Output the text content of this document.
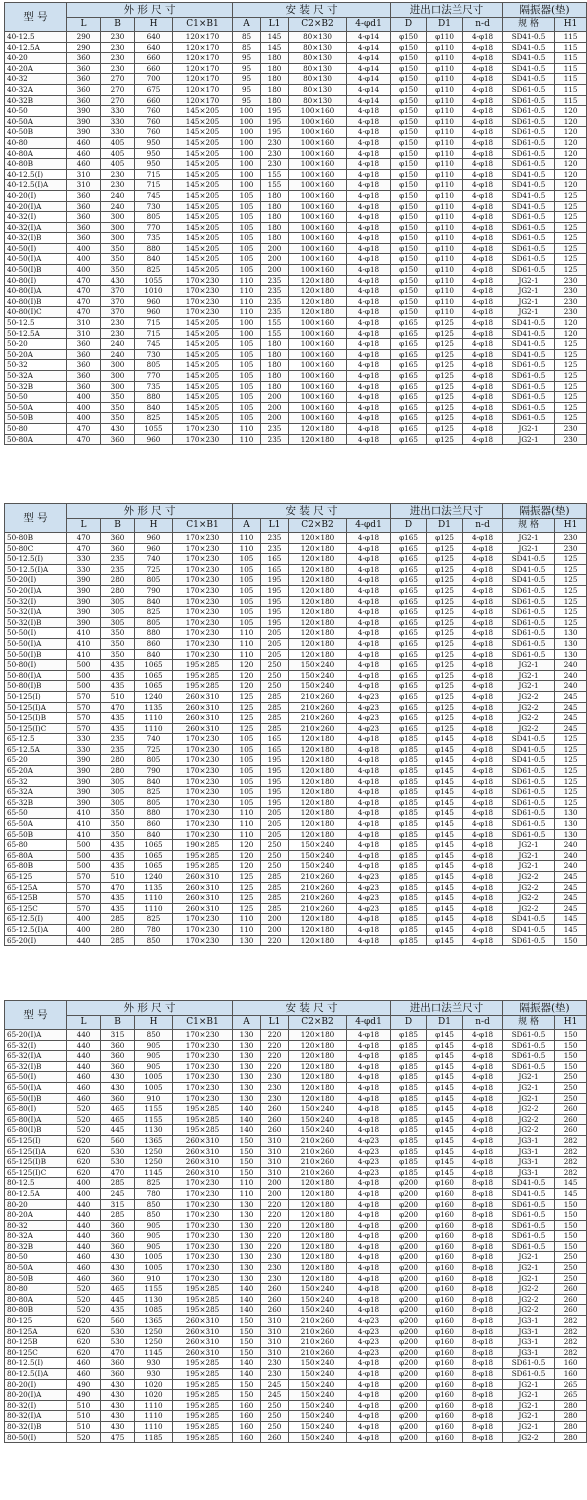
型 号	外 形 尺 寸				安 装 尺 寸				进出口法兰尺寸			隔振器(垫)	
	L	B	H	C1×B1	A	L1	C2×B2	4-φd1	D	D1	n-d	规 格	H1
40-12.5	290	230	640	120×170	85	145	80×130	4-φ14	φ150	φ110	4-φ18	SD41-0.5	115
40-12.5A	290	230	640	120×170	85	145	80×130	4-φ14	φ150	φ110	4-φ18	SD41-0.5	115
40-20	360	230	660	120×170	95	180	80×130	4-φ14	φ150	φ110	4-φ18	SD41-0.5	115
40-20A	360	230	660	120×170	95	180	80×130	4-φ14	φ150	φ110	4-φ18	SD41-0.5	115
40-32	360	270	700	120×170	95	180	80×130	4-φ14	φ150	φ110	4-φ18	SD41-0.5	115
40-32A	360	270	675	120×170	95	180	80×130	4-φ14	φ150	φ110	4-φ18	SD61-0.5	115
40-32B	360	270	660	120×170	95	180	80×130	4-φ14	φ150	φ110	4-φ18	SD61-0.5	115
40-50	390	330	760	145×205	100	195	100×160	4-φ18	φ150	φ110	4-φ18	SD61-0.5	120
40-50A	390	330	760	145×205	100	195	100×160	4-φ18	φ150	φ110	4-φ18	SD61-0.5	120
40-50B	390	330	760	145×205	100	195	100×160	4-φ18	φ150	φ110	4-φ18	SD61-0.5	120
40-80	460	405	950	145×205	100	230	100×160	4-φ18	φ150	φ110	4-φ18	SD61-0.5	120
40-80A	460	405	950	145×205	100	230	100×160	4-φ18	φ150	φ110	4-φ18	SD61-0.5	120
40-80B	460	405	950	145×205	100	230	100×160	4-φ18	φ150	φ110	4-φ18	SD61-0.5	120
40-12.5(I)	310	230	715	145×205	100	155	100×160	4-φ18	φ150	φ110	4-φ18	SD41-0.5	120
40-12.5(I)A	310	230	715	145×205	100	155	100×160	4-φ18	φ150	φ110	4-φ18	SD41-0.5	120
40-20(I)	360	240	745	145×205	105	180	100×160	4-φ18	φ150	φ110	4-φ18	SD41-0.5	125
40-20(I)A	360	240	730	145×205	105	180	100×160	4-φ18	φ150	φ110	4-φ18	SD41-0.5	125
40-32(I)	360	300	805	145×205	105	180	100×160	4-φ18	φ150	φ110	4-φ18	SD61-0.5	125
40-32(I)A	360	300	770	145×205	105	180	100×160	4-φ18	φ150	φ110	4-φ18	SD61-0.5	125
40-32(I)B	360	300	735	145×205	105	180	100×160	4-φ18	φ150	φ110	4-φ18	SD61-0.5	125
40-50(I)	400	350	880	145×205	105	200	100×160	4-φ18	φ150	φ110	4-φ18	SD61-0.5	125
40-50(I)A	400	350	840	145×205	105	200	100×160	4-φ18	φ150	φ110	4-φ18	SD61-0.5	125
40-50(I)B	400	350	825	145×205	105	200	100×160	4-φ18	φ150	φ110	4-φ18	SD61-0.5	125
40-80(I)	470	430	1055	170×230	110	235	120×180	4-φ18	φ150	φ110	4-φ18	JG2-1	230
40-80(I)A	470	370	1010	170×230	110	235	120×180	4-φ18	φ150	φ110	4-φ18	JG2-1	230
40-80(I)B	470	370	960	170×230	110	235	120×180	4-φ18	φ150	φ110	4-φ18	JG2-1	230
40-80(I)C	470	370	960	170×230	110	235	120×180	4-φ18	φ150	φ110	4-φ18	JG2-1	230
50-12.5	310	230	715	145×205	100	155	100×160	4-φ18	φ165	φ125	4-φ18	SD41-0.5	120
50-12.5A	310	230	715	145×205	100	155	100×160	4-φ18	φ165	φ125	4-φ18	SD41-0.5	120
50-20	360	240	745	145×205	105	180	100×160	4-φ18	φ165	φ125	4-φ18	SD41-0.5	125
50-20A	360	240	730	145×205	105	180	100×160	4-φ18	φ165	φ125	4-φ18	SD41-0.5	125
50-32	360	300	805	145×205	105	180	100×160	4-φ18	φ165	φ125	4-φ18	SD61-0.5	125
50-32A	360	300	770	145×205	105	180	100×160	4-φ18	φ165	φ125	4-φ18	SD61-0.5	125
50-32B	360	300	735	145×205	105	180	100×160	4-φ18	φ165	φ125	4-φ18	SD61-0.5	125
50-50	400	350	880	145×205	105	200	100×160	4-φ18	φ165	φ125	4-φ18	SD61-0.5	125
50-50A	400	350	840	145×205	105	200	100×160	4-φ18	φ165	φ125	4-φ18	SD61-0.5	125
50-50B	400	350	825	145×205	105	200	100×160	4-φ18	φ165	φ125	4-φ18	SD61-0.5	125
50-80	470	430	1055	170×230	110	235	120×180	4-φ18	φ165	φ125	4-φ18	JG2-1	230
50-80A	470	360	960	170×230	110	235	120×180	4-φ18	φ165	φ125	4-φ18	JG2-1	230
型 号	外 形 尺 寸				安 装 尺 寸				进出口法兰尺寸			隔振器(垫)	
	L	B	H	C1×B1	A	L1	C2×B2	4-φd1	D	D1	n-d	规 格	H1
50-80B	470	360	960	170×230	110	235	120×180	4-φ18	φ165	φ125	4-φ18	JG2-1	230
50-80C	470	360	960	170×230	110	235	120×180	4-φ18	φ165	φ125	4-φ18	JG2-1	230
50-12.5(I)	330	235	740	170×230	105	165	120×180	4-φ18	φ165	φ125	4-φ18	SD41-0.5	125
50-12.5(I)A	330	235	725	170×230	105	165	120×180	4-φ18	φ165	φ125	4-φ18	SD41-0.5	125
50-20(I)	390	280	805	170×230	105	195	120×180	4-φ18	φ165	φ125	4-φ18	SD41-0.5	125
50-20(I)A	390	280	790	170×230	105	195	120×180	4-φ18	φ165	φ125	4-φ18	SD61-0.5	125
50-32(I)	390	305	840	170×230	105	195	120×180	4-φ18	φ165	φ125	4-φ18	SD61-0.5	125
50-32(I)A	390	305	825	170×230	105	195	120×180	4-φ18	φ165	φ125	4-φ18	SD61-0.5	125
50-32(I)B	390	305	805	170×230	105	195	120×180	4-φ18	φ165	φ125	4-φ18	SD61-0.5	125
50-50(I)	410	350	880	170×230	110	205	120×180	4-φ18	φ165	φ125	4-φ18	SD61-0.5	130
50-50(I)A	410	350	860	170×230	110	205	120×180	4-φ18	φ165	φ125	4-φ18	SD61-0.5	130
50-50(I)B	410	350	840	170×230	110	205	120×180	4-φ18	φ165	φ125	4-φ18	SD61-0.5	130
50-80(I)	500	435	1065	195×285	120	250	150×240	4-φ18	φ165	φ125	4-φ18	JG2-1	240
50-80(I)A	500	435	1065	195×285	120	250	150×240	4-φ18	φ165	φ125	4-φ18	JG2-1	240
50-80(I)B	500	435	1065	195×285	120	250	150×240	4-φ18	φ165	φ125	4-φ18	JG2-1	240
50-125(I)	570	510	1240	260×310	125	285	210×260	4-φ23	φ165	φ125	4-φ18	JG2-2	245
50-125(I)A	570	470	1135	260×310	125	285	210×260	4-φ23	φ165	φ125	4-φ18	JG2-2	245
50-125(I)B	570	435	1110	260×310	125	285	210×260	4-φ23	φ165	φ125	4-φ18	JG2-2	245
50-125(I)C	570	435	1110	260×310	125	285	210×260	4-φ23	φ165	φ125	4-φ18	JG2-2	245
65-12.5	330	235	740	170×230	105	165	120×180	4-φ18	φ185	φ145	4-φ18	SD41-0.5	125
65-12.5A	330	235	725	170×230	105	165	120×180	4-φ18	φ185	φ145	4-φ18	SD41-0.5	125
65-20	390	280	805	170×230	105	195	120×180	4-φ18	φ185	φ145	4-φ18	SD41-0.5	125
65-20A	390	280	790	170×230	105	195	120×180	4-φ18	φ185	φ145	4-φ18	SD61-0.5	125
65-32	390	305	840	170×230	105	195	120×180	4-φ18	φ185	φ145	4-φ18	SD61-0.5	125
65-32A	390	305	825	170×230	105	195	120×180	4-φ18	φ185	φ145	4-φ18	SD61-0.5	125
65-32B	390	305	805	170×230	105	195	120×180	4-φ18	φ185	φ145	4-φ18	SD61-0.5	125
65-50	410	350	880	170×230	110	205	120×180	4-φ18	φ185	φ145	4-φ18	SD61-0.5	130
65-50A	410	350	860	170×230	110	205	120×180	4-φ18	φ185	φ145	4-φ18	SD61-0.5	130
65-50B	410	350	840	170×230	110	205	120×180	4-φ18	φ185	φ145	4-φ18	SD61-0.5	130
65-80	500	435	1065	190×285	120	250	150×240	4-φ18	φ185	φ145	4-φ18	JG2-1	240
65-80A	500	435	1065	195×285	120	250	150×240	4-φ18	φ185	φ145	4-φ18	JG2-1	240
65-80B	500	435	1065	195×285	120	250	150×240	4-φ18	φ185	φ145	4-φ18	JG2-1	240
65-125	570	510	1240	260×310	125	285	210×260	4-φ23	φ185	φ145	4-φ18	JG2-2	245
65-125A	570	470	1135	260×310	125	285	210×260	4-φ23	φ185	φ145	4-φ18	JG2-2	245
65-125B	570	435	1110	260×310	125	285	210×260	4-φ23	φ185	φ145	4-φ18	JG2-2	245
65-125C	570	435	1110	260×310	125	285	210×260	4-φ23	φ185	φ145	4-φ18	JG2-2	245
65-12.5(I)	400	285	825	170×230	110	200	120×180	4-φ18	φ185	φ145	4-φ18	SD41-0.5	145
65-12.5(I)A	400	280	780	170×230	110	200	120×180	4-φ18	φ185	φ145	4-φ18	SD41-0.5	145
65-20(I)	440	285	850	170×230	130	220	120×180	4-φ18	φ185	φ145	4-φ18	SD61-0.5	150
型 号	外 形 尺 寸				安 装 尺 寸				进出口法兰尺寸			隔振器(垫)	
	L	B	H	C1×B1	A	L1	C2×B2	4-φd1	D	D1	n-d	规 格	H1
65-20(I)A	440	315	850	170×230	130	220	120×180	4-φ18	φ185	φ145	4-φ18	SD61-0.5	150
65-32(I)	440	360	905	170×230	130	220	120×180	4-φ18	φ185	φ145	4-φ18	SD61-0.5	150
65-32(I)A	440	360	905	170×230	130	220	120×180	4-φ18	φ185	φ145	4-φ18	SD61-0.5	150
65-32(I)B	440	360	905	170×230	130	220	120×180	4-φ18	φ185	φ145	4-φ18	SD61-0.5	150
65-50(I)	460	430	1005	170×230	130	230	120×180	4-φ18	φ185	φ145	4-φ18	JG2-1	250
65-50(I)A	460	430	1005	170×230	130	230	120×180	4-φ18	φ185	φ145	4-φ18	JG2-1	250
65-50(I)B	460	360	910	170×230	130	230	120×180	4-φ18	φ185	φ145	4-φ18	JG2-1	250
65-80(I)	520	465	1155	195×285	140	260	150×240	4-φ18	φ185	φ145	4-φ18	JG2-2	260
65-80(I)A	520	465	1155	195×285	140	260	150×240	4-φ18	φ185	φ145	4-φ18	JG2-2	260
65-80(I)B	520	445	1130	195×285	140	260	150×240	4-φ18	φ185	φ145	4-φ18	JG2-2	260
65-125(I)	620	560	1365	260×310	150	310	210×260	4-φ23	φ185	φ145	4-φ18	JG3-1	282
65-125(I)A	620	530	1250	260×310	150	310	210×260	4-φ23	φ185	φ145	4-φ18	JG3-1	282
65-125(I)B	620	530	1250	260×310	150	310	210×260	4-φ23	φ185	φ145	4-φ18	JG3-1	282
65-125(I)C	620	470	1145	260×310	150	310	210×260	4-φ23	φ185	φ145	4-φ18	JG3-1	282
80-12.5	400	285	825	170×230	110	200	120×180	4-φ18	φ200	φ160	8-φ18	SD41-0.5	145
80-12.5A	400	245	780	170×230	110	200	120×180	4-φ18	φ200	φ160	8-φ18	SD41-0.5	145
80-20	440	315	850	170×230	130	220	120×180	4-φ18	φ200	φ160	8-φ18	SD61-0.5	150
80-20A	440	285	850	170×230	130	220	120×180	4-φ18	φ200	φ160	8-φ18	SD61-0.5	150
80-32	440	360	905	170×230	130	220	120×180	4-φ18	φ200	φ160	8-φ18	SD61-0.5	150
80-32A	440	360	905	170×230	130	220	120×180	4-φ18	φ200	φ160	8-φ18	SD61-0.5	150
80-32B	440	360	905	170×230	130	220	120×180	4-φ18	φ200	φ160	8-φ18	SD61-0.5	150
80-50	460	430	1005	170×230	130	230	120×180	4-φ18	φ200	φ160	8-φ18	JG2-1	250
80-50A	460	430	1005	170×230	130	230	120×180	4-φ18	φ200	φ160	8-φ18	JG2-1	250
80-50B	460	360	910	170×230	130	230	120×180	4-φ18	φ200	φ160	8-φ18	JG2-1	250
80-80	520	465	1155	195×285	140	260	150×240	4-φ18	φ200	φ160	8-φ18	JG2-2	260
80-80A	520	445	1130	195×285	140	260	150×240	4-φ18	φ200	φ160	8-φ18	JG2-2	260
80-80B	520	435	1085	195×285	140	260	150×240	4-φ18	φ200	φ160	8-φ18	JG2-2	260
80-125	620	560	1365	260×310	150	310	210×260	4-φ23	φ200	φ160	8-φ18	JG3-1	282
80-125A	620	530	1250	260×310	150	310	210×260	4-φ23	φ200	φ160	8-φ18	JG3-1	282
80-125B	620	530	1250	260×310	150	310	210×260	4-φ23	φ200	φ160	8-φ18	JG3-1	282
80-125C	620	470	1145	260×310	150	310	210×260	4-φ23	φ200	φ160	8-φ18	JG3-1	282
80-12.5(I)	460	360	930	195×285	140	230	150×240	4-φ18	φ200	φ160	8-φ18	SD61-0.5	160
80-12.5(I)A	460	360	930	195×285	140	230	150×240	4-φ18	φ200	φ160	8-φ18	SD61-0.5	160
80-20(I)	490	430	1020	195×285	150	245	150×240	4-φ18	φ200	φ160	8-φ18	JG2-1	265
80-20(I)A	490	430	1020	195×285	150	245	150×240	4-φ18	φ200	φ160	8-φ18	JG2-1	265
80-32(I)	510	430	1110	195×285	160	250	150×240	4-φ18	φ200	φ160	8-φ18	JG2-1	280
80-32(I)A	510	430	1110	195×285	160	250	150×240	4-φ18	φ200	φ160	8-φ18	JG2-1	280
80-32(I)B	510	430	1110	195×285	160	250	150×240	4-φ18	φ200	φ160	8-φ18	JG2-1	280
80-50(I)	520	475	1185	195×285	160	260	150×240	4-φ18	φ200	φ160	8-φ18	JG2-2	280
